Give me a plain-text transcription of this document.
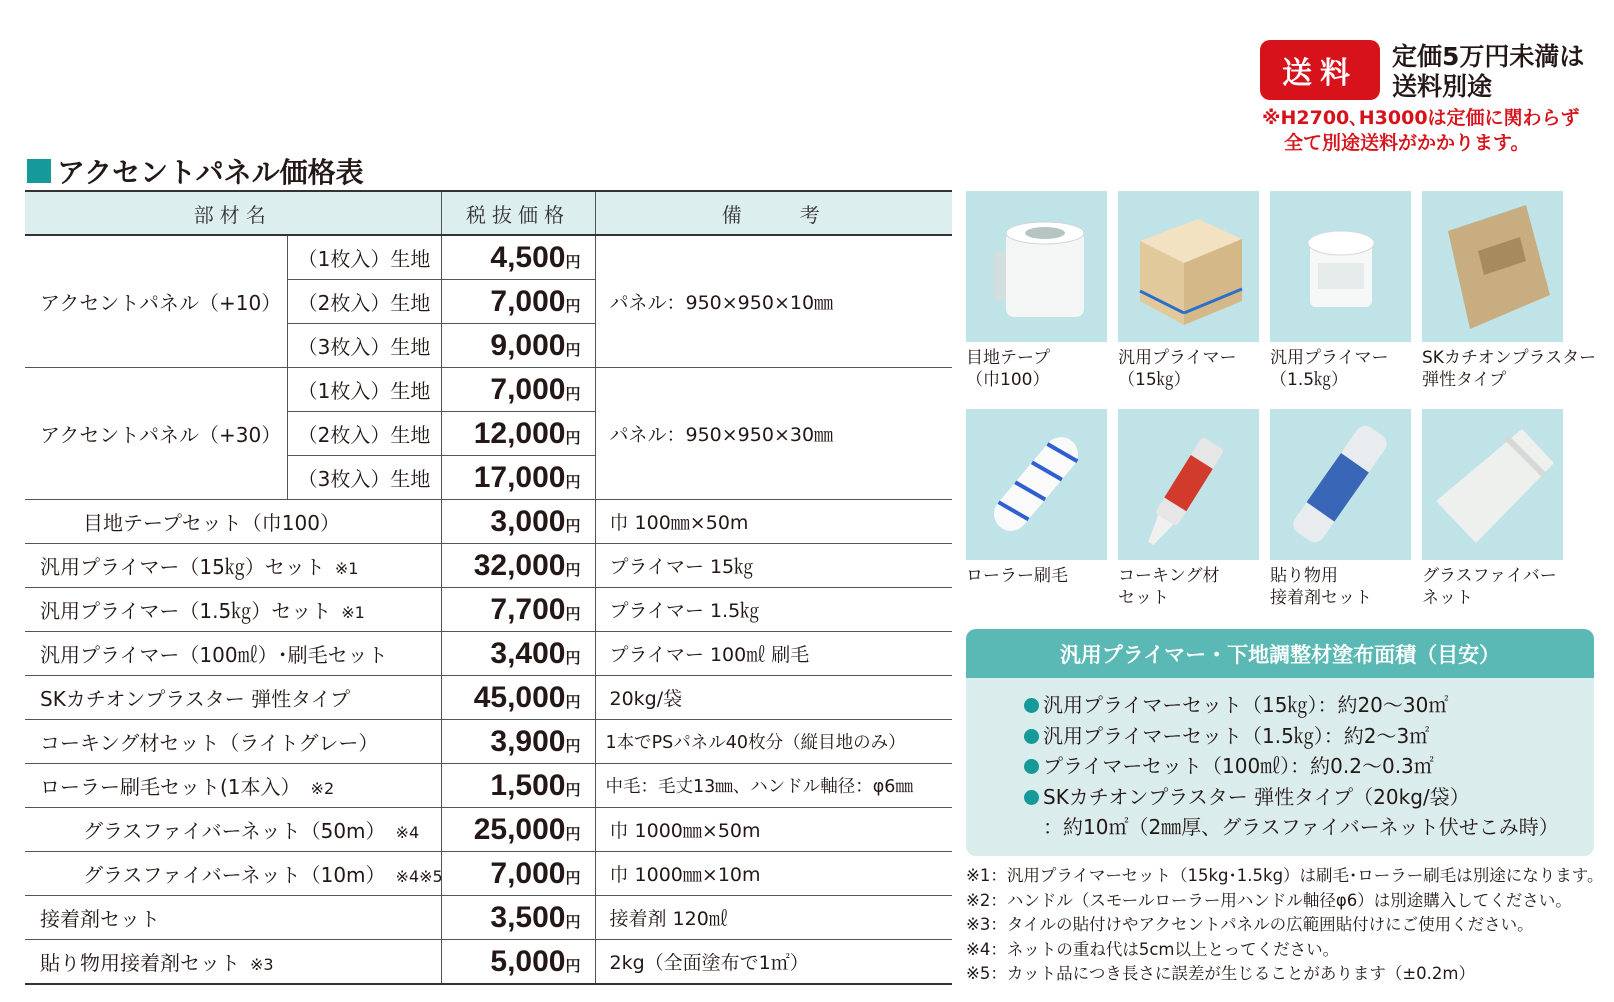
送料	定価5万円未満は
送料別途
※H2700､H3000は定価に関わらず
全て別途送料がかかります。
アクセントパネル価格表
部材名		税抜価格	備　　考
アクセントパネル（+10）	（1枚入）生地	4,500円	パネル：950×950×10㎜
	（2枚入）生地	7,000円	
	（3枚入）生地	9,000円	
アクセントパネル（+30）	（1枚入）生地	7,000円	パネル：950×950×30㎜
	（2枚入）生地	12,000円	
	（3枚入）生地	17,000円	
目地テープセット（巾100）		3,000円	巾 100㎜×50m
汎用プライマー（15㎏）セット ※1		32,000円	プライマー 15㎏
汎用プライマー（1.5㎏）セット ※1		7,700円	プライマー 1.5㎏
汎用プライマー（100㎖）･刷毛セット		3,400円	プライマー 100㎖ 刷毛
SKカチオンプラスター 弾性タイプ		45,000円	20kg/袋
コーキング材セット（ライトグレー）		3,900円	1本でPSパネル40枚分（縦目地のみ）
ローラー刷毛セット(1本入） ※2		1,500円	中毛：毛丈13㎜、ハンドル軸径：φ6㎜
グラスファイバーネット（50m） ※4		25,000円	巾 1000㎜×50m
グラスファイバーネット（10m） ※4※5		7,000円	巾 1000㎜×10m
接着剤セット		3,500円	接着剤 120㎖
貼り物用接着剤セット ※3		5,000円	2kg（全面塗布で1㎡）
目地テープ
（巾100）
汎用プライマー
（15㎏）
汎用プライマー
（1.5㎏）
SKカチオンプラスター
弾性タイプ
ローラー刷毛	コーキング材
セット
貼り物用
接着剤セット
グラスファイバー
ネット
汎用プライマー・下地調整材塗布面積（目安）
汎用プライマーセット（15㎏）：約20～30㎡
汎用プライマーセット（1.5㎏）：約2～3㎡
プライマーセット（100㎖）：約0.2～0.3㎡
SKカチオンプラスター 弾性タイプ（20kg/袋）
：約10㎡（2㎜厚、グラスファイバーネット伏せこみ時）
※1：汎用プライマーセット（15kg･1.5kg）は刷毛･ローラー刷毛は別途になります。
※2：ハンドル（スモールローラー用ハンドル軸径φ6）は別途購入してください。
※3：タイルの貼付けやアクセントパネルの広範囲貼付けにご使用ください。
※4：ネットの重ね代は5cm以上とってください。
※5：カット品につき長さに誤差が生じることがあります（±0.2m）
